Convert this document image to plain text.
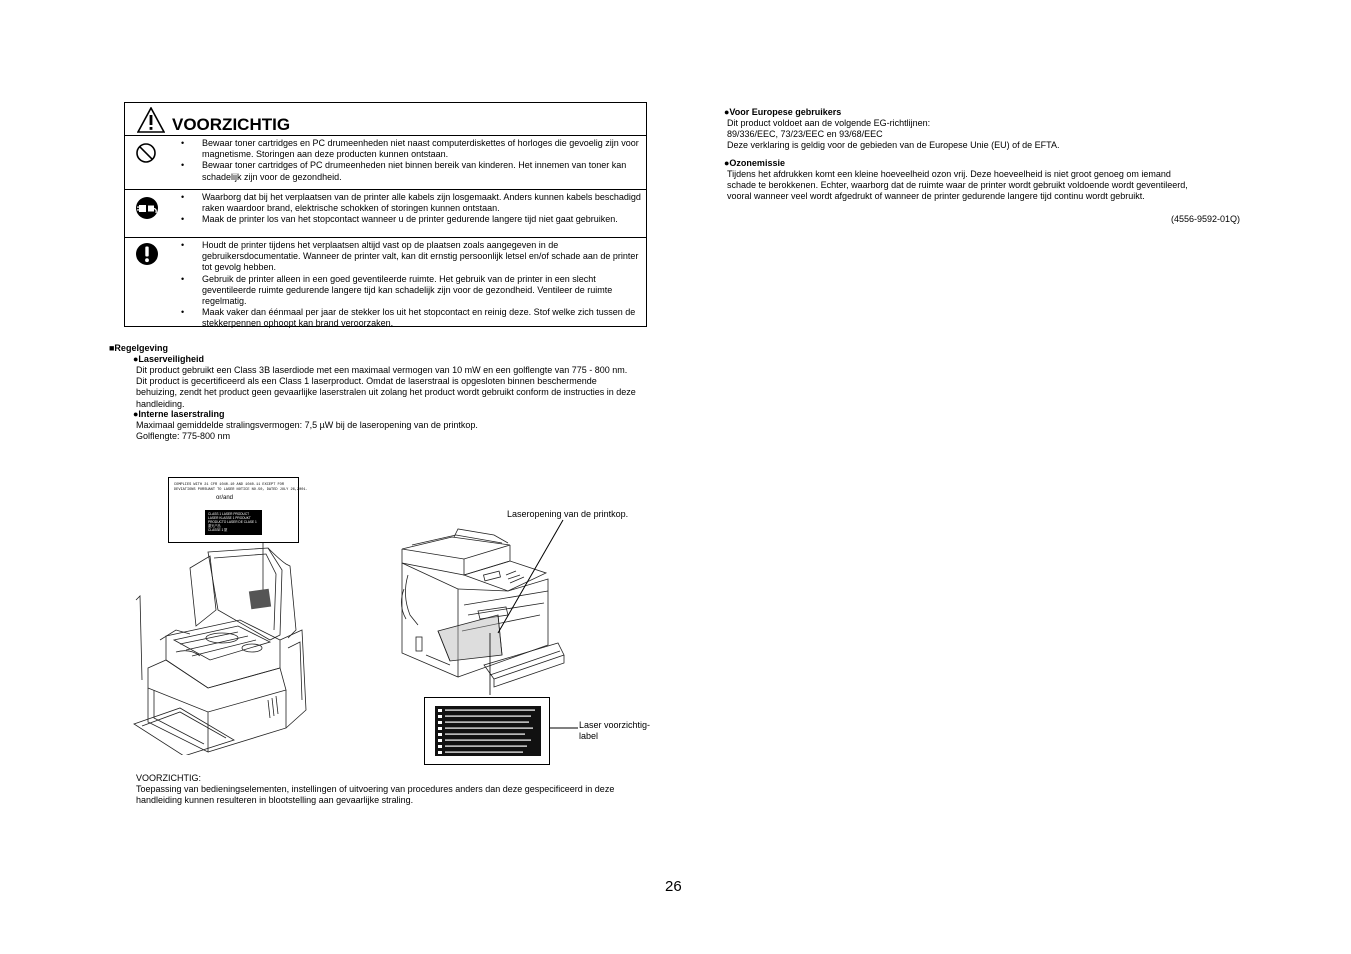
VOORZICHTIG
• Bewaar toner cartridges en PC drumeenheden niet naast computerdiskettes of horloges die gevoelig zijn voor magnetisme. Storingen aan deze producten kunnen ontstaan.
• Bewaar toner cartridges of PC drumeenheden niet binnen bereik van kinderen. Het innemen van toner kan schadelijk zijn voor de gezondheid.
• Waarborg dat bij het verplaatsen van de printer alle kabels zijn losgemaakt. Anders kunnen kabels beschadigd raken waardoor brand, elektrische schokken of storingen kunnen ontstaan.
• Maak de printer los van het stopcontact wanneer u de printer gedurende langere tijd niet gaat gebruiken.
• Houdt de printer tijdens het verplaatsen altijd vast op de plaatsen zoals aangegeven in de gebruikersdocumentatie. Wanneer de printer valt, kan dit ernstig persoonlijk letsel en/of schade aan de printer tot gevolg hebben.
• Gebruik de printer alleen in een goed geventileerde ruimte. Het gebruik van de printer in een slecht geventileerde ruimte gedurende langere tijd kan schadelijk zijn voor de gezondheid. Ventileer de ruimte regelmatig.
• Maak vaker dan éénmaal per jaar de stekker los uit het stopcontact en reinig deze. Stof welke zich tussen de stekkerpennen ophoopt kan brand veroorzaken.
■Regelgeving
●Laserveiligheid
Dit product gebruikt een Class 3B laserdiode met een maximaal vermogen van 10 mW en een golflengte van 775 - 800 nm.
Dit product is gecertificeerd als een Class 1 laserproduct. Omdat de laserstraal is opgesloten binnen beschermende
behuizing, zendt het product geen gevaarlijke laserstralen uit zolang het product wordt gebruikt conform de instructies in deze
handleiding.
●Interne laserstraling
Maximaal gemiddelde stralingsvermogen: 7,5 µW bij de laseropening van de printkop.
Golflengte: 775-800 nm
COMPLIES WITH 21 CFR 1040.10 AND 1040.11 EXCEPT FOR
DEVIATIONS PURSUANT TO LASER NOTICE NO.50, DATED JULY 26,2001.
or/and
CLASS 1 LASER PRODUCT
LASER KLASSE 1 PRODUKT
PRODUCTO LASER DE CLASE 1
激光产品
CLASSE 1 類
Laseropening van de printkop.
Laser voorzichtig-
label
VOORZICHTIG:
Toepassing van bedieningselementen, instellingen of uitvoering van procedures anders dan deze gespecificeerd in deze
handleiding kunnen resulteren in blootstelling aan gevaarlijke straling.
●Voor Europese gebruikers
Dit product voldoet aan de volgende EG-richtlijnen:
89/336/EEC, 73/23/EEC en 93/68/EEC
Deze verklaring is geldig voor de gebieden van de Europese Unie (EU) of de EFTA.
●Ozonemissie
Tijdens het afdrukken komt een kleine hoeveelheid ozon vrij. Deze hoeveelheid is niet groot genoeg om iemand
schade te berokkenen. Echter, waarborg dat de ruimte waar de printer wordt gebruikt voldoende wordt geventileerd,
vooral wanneer veel wordt afgedrukt of wanneer de printer gedurende langere tijd continu wordt gebruikt.
(4556-9592-01Q)
26
